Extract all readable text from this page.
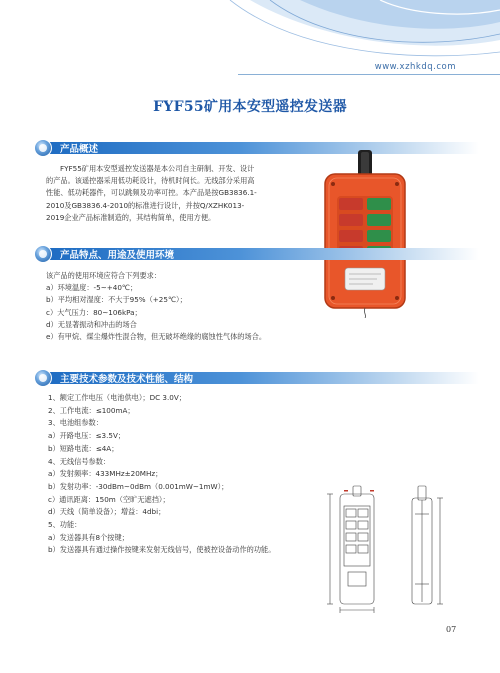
www.xzhkdq.com
FYF55矿用本安型遥控发送器
产品概述

FYF55矿用本安型遥控发送器是本公司自主研制、开发、设计的产品。该遥控器采用低功耗设计，待机时间长。无线部分采用高性能、低功耗器件，可以跳频及功率可控。本产品是按GB3836.1-2010及GB3836.4-2010的标准进行设计，并按Q/XZHK013-2019企业产品标准制造的，其结构简单，使用方便。

产品特点、用途及使用环境

该产品的使用环境应符合下列要求：

a）环境温度：-5~+40℃；

b）平均相对湿度：不大于95%（+25℃）；

c）大气压力：80~106kPa；

d）无显著振动和冲击的场合

e）有甲烷、煤尘爆炸性混合物，但无破坏绝缘的腐蚀性气体的场合。

主要技术参数及技术性能、结构

1、额定工作电压（电池供电）；DC 3.0V；

2、工作电流：≤100mA；

3、电池组参数：

a）开路电压：≤3.5V；

b）短路电流：≤4A；

4、无线信号参数：

a）发射频率：433MHz±20MHz；

b）发射功率：-30dBm~0dBm（0.001mW~1mW）；

c）通讯距离：150m（空旷无遮挡）；

d）天线（简单设备）；增益：4dbi；

5、功能：

a）发送器具有8个按键；

b）发送器具有通过操作按键来发射无线信号，使被控设备动作的功能。

07
